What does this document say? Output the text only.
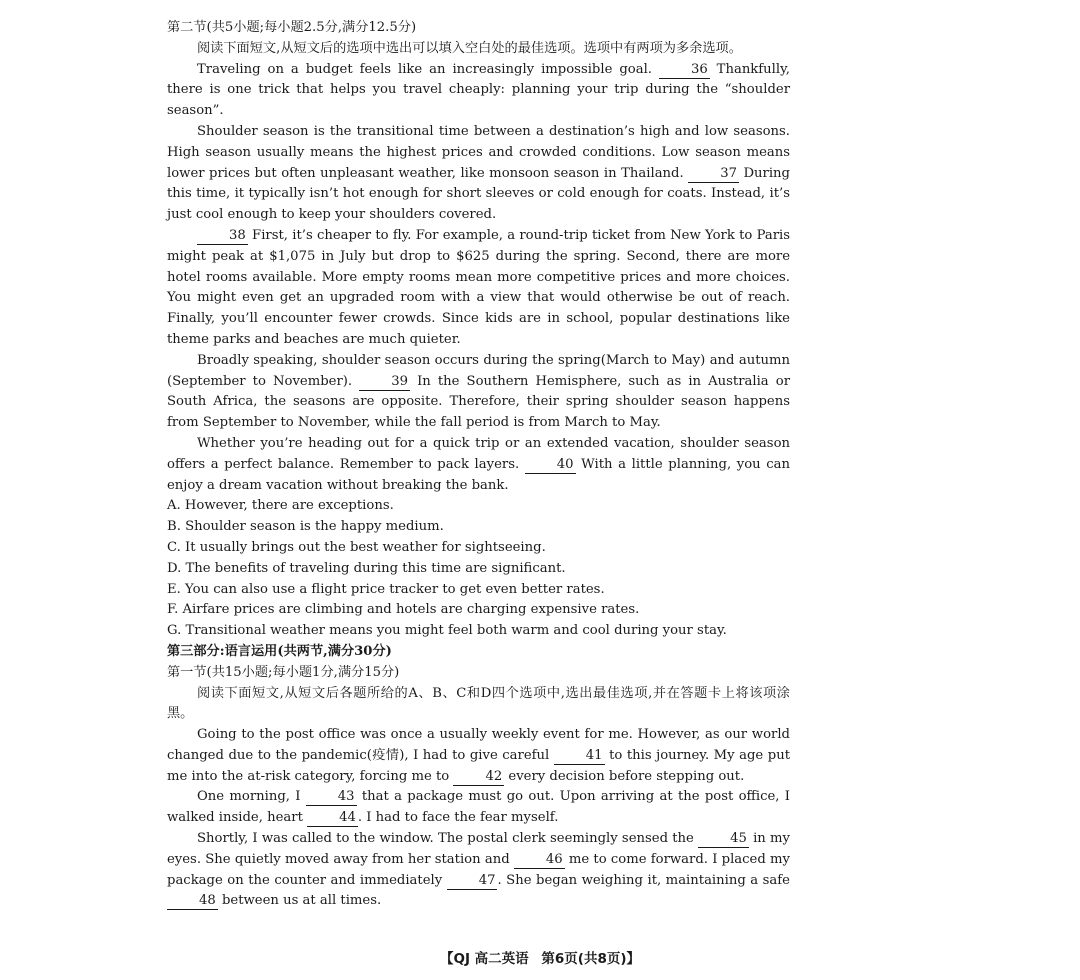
第二节(共5小题;每小题2.5分,满分12.5分)

阅读下面短文,从短文后的选项中选出可以填入空白处的最佳选项。选项中有两项为多余选项。

Traveling on a budget feels like an increasingly impossible goal. 36 Thankfully, there is one trick that helps you travel cheaply: planning your trip during the “shoulder season”.

Shoulder season is the transitional time between a destination’s high and low seasons. High season usually means the highest prices and crowded conditions. Low season means lower prices but often unpleasant weather, like monsoon season in Thailand. 37 During this time, it typically isn’t hot enough for short sleeves or cold enough for coats. Instead, it’s just cool enough to keep your shoulders covered.

38 First, it’s cheaper to fly. For example, a round-trip ticket from New York to Paris might peak at $1,075 in July but drop to $625 during the spring. Second, there are more hotel rooms available. More empty rooms mean more competitive prices and more choices. You might even get an upgraded room with a view that would otherwise be out of reach. Finally, you’ll encounter fewer crowds. Since kids are in school, popular destinations like theme parks and beaches are much quieter.

Broadly speaking, shoulder season occurs during the spring(March to May) and autumn (September to November). 39 In the Southern Hemisphere, such as in Australia or South Africa, the seasons are opposite. Therefore, their spring shoulder season happens from September to November, while the fall period is from March to May.

Whether you’re heading out for a quick trip or an extended vacation, shoulder season offers a perfect balance. Remember to pack layers. 40 With a little planning, you can enjoy a dream vacation without breaking the bank.

A. However, there are exceptions.

B. Shoulder season is the happy medium.

C. It usually brings out the best weather for sightseeing.

D. The benefits of traveling during this time are significant.

E. You can also use a flight price tracker to get even better rates.

F. Airfare prices are climbing and hotels are charging expensive rates.

G. Transitional weather means you might feel both warm and cool during your stay.

第三部分:语言运用(共两节,满分30分)

第一节(共15小题;每小题1分,满分15分)

阅读下面短文,从短文后各题所给的A、B、C和D四个选项中,选出最佳选项,并在答题卡上将该项涂黑。

Going to the post office was once a usually weekly event for me. However, as our world changed due to the pandemic(疫情), I had to give careful 41 to this journey. My age put me into the at-risk category, forcing me to 42 every decision before stepping out.

One morning, I 43 that a package must go out. Upon arriving at the post office, I walked inside, heart 44 . I had to face the fear myself.

Shortly, I was called to the window. The postal clerk seemingly sensed the 45 in my eyes. She quietly moved away from her station and 46 me to come forward. I placed my package on the counter and immediately 47 . She began weighing it, maintaining a safe 48 between us at all times.

【QJ 高二英语 第6页(共8页)】
